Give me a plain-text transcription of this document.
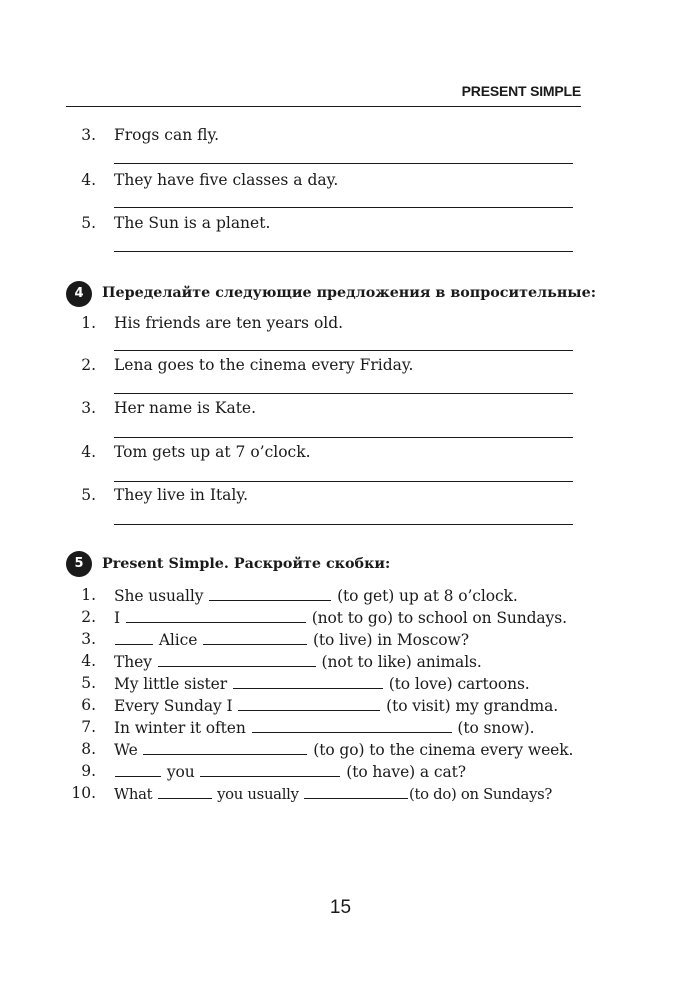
PRESENT SIMPLE
3. Frogs can fly.
4. They have five classes a day.
5. The Sun is a planet.
4	Переделайте следующие предложения в вопросительные:
1. His friends are ten years old.
2. Lena goes to the cinema every Friday.
3. Her name is Kate.
4. Tom gets up at 7 o’clock.
5. They live in Italy.
5	Present Simple. Раскройте скобки:
1. She usually	(to get) up at 8 o’clock.
2. I	(not to go) to school on Sundays.
3.	Alice	(to live) in Moscow?
4. They	(not to like) animals.
5. My little sister	(to love) cartoons.
6. Every Sunday I	(to visit) my grandma.
7. In winter it often	(to snow).
8. We	(to go) to the cinema every week.
9.	you	(to have) a cat?
10. What	you usually	(to do) on Sundays?
15
